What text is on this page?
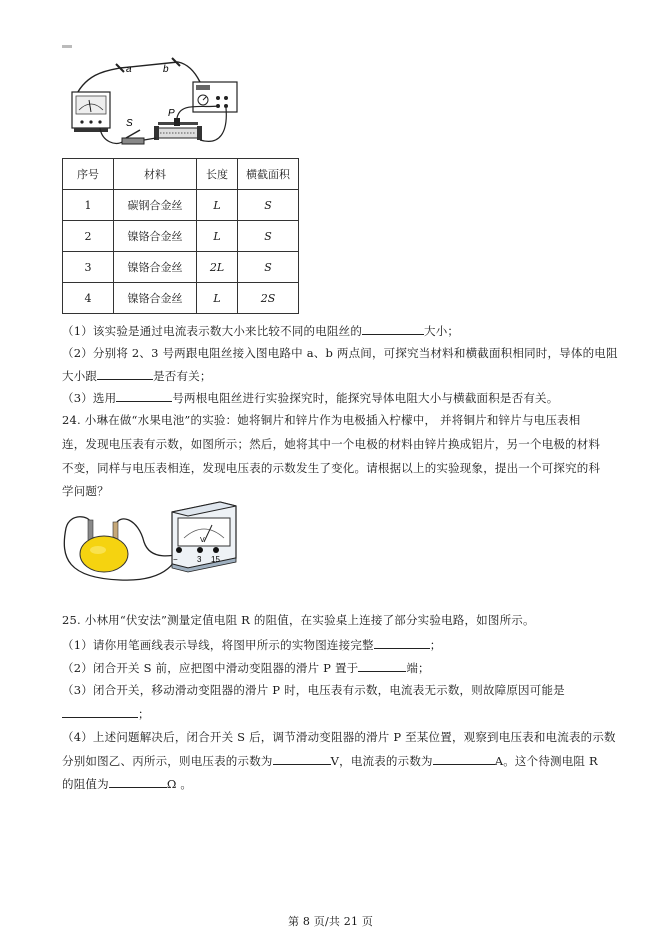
a	b
S
P
序号	材料	长度	横截面积
1	碳钢合金丝	L	S
2	镍铬合金丝	L	S
3	镍铬合金丝	2L	S
4	镍铬合金丝	L	2S
（1）该实验是通过电流表示数大小来比较不同的电阻丝的	大小；
（2）分别将 2、3 号两跟电阻丝接入图电路中 a、b 两点间，可探究当材料和横截面积相同时，导体的电阻
大小跟	是否有关；
（3）选用	号两根电阻丝进行实验探究时，能探究导体电阻大小与横截面积是否有关。
24. 小琳在做“水果电池”的实验：她将铜片和锌片作为电极插入柠檬中， 并将铜片和锌片与电压表相
连，发现电压表有示数，如图所示；然后，她将其中一个电极的材料由锌片换成铝片，另一个电极的材料
不变，同样与电压表相连，发现电压表的示数发生了变化。请根据以上的实验现象，提出一个可探究的科
学问题？
V
− 3 15
25. 小林用“伏安法”测量定值电阻 R 的阻值，在实验桌上连接了部分实验电路，如图所示。
（1）请你用笔画线表示导线，将图甲所示的实物图连接完整	；
（2）闭合开关 S 前，应把图中滑动变阻器的滑片 P 置于	端；
（3）闭合开关，移动滑动变阻器的滑片 P 时，电压表有示数，电流表无示数，则故障原因可能是
；
（4）上述问题解决后，闭合开关 S 后，调节滑动变阻器的滑片 P 至某位置，观察到电压表和电流表的示数
分别如图乙、丙所示，则电压表的示数为	V，电流表的示数为	A。这个待测电阻 R
的阻值为	Ω 。
第 8 页/共 21 页
